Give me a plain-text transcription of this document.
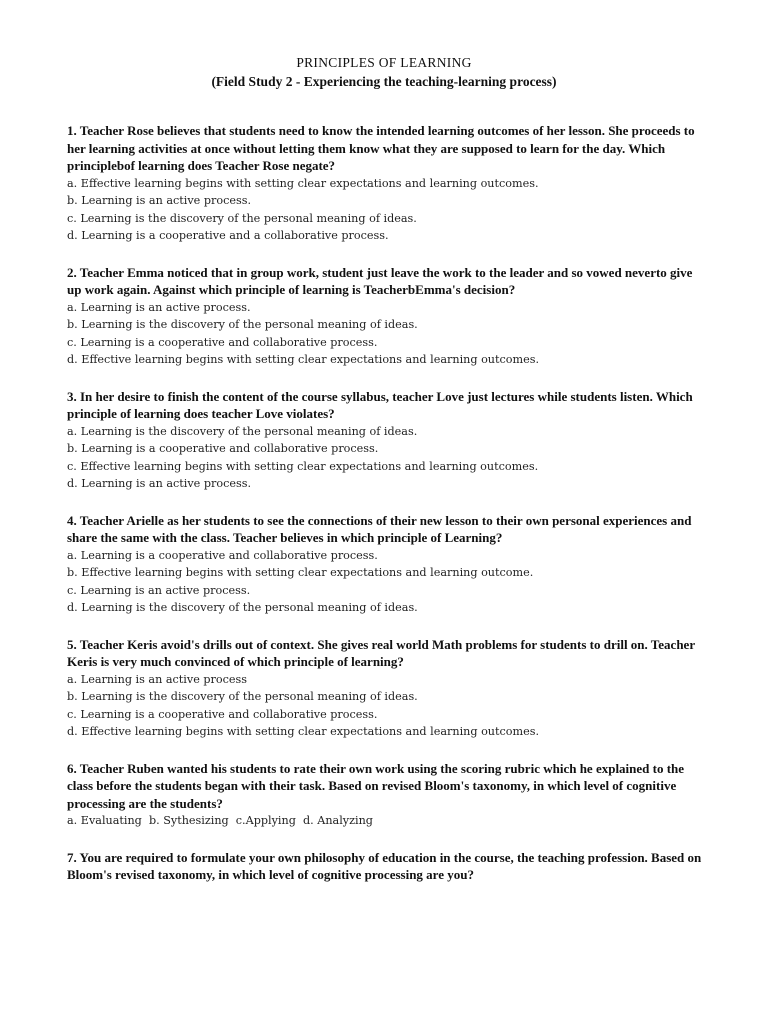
PRINCIPLES OF LEARNING
(Field Study 2 - Experiencing the teaching-learning process)

1. Teacher Rose believes that students need to know the intended learning outcomes of her lesson. She proceeds to her learning activities at once without letting them know what they are supposed to learn for the day. Which principlebof learning does Teacher Rose negate?

a. Effective learning begins with setting clear expectations and learning outcomes.
b. Learning is an active process.
c. Learning is the discovery of the personal meaning of ideas.
d. Learning is a cooperative and a collaborative process.

2. Teacher Emma noticed that in group work, student just leave the work to the leader and so vowed neverto give up work again. Against which principle of learning is TeacherbEmma's decision?

a. Learning is an active process.
b. Learning is the discovery of the personal meaning of ideas.
c. Learning is a cooperative and collaborative process.
d. Effective learning begins with setting clear expectations and learning outcomes.

3. In her desire to finish the content of the course syllabus, teacher Love just lectures while students listen. Which principle of learning does teacher Love violates?

a. Learning is the discovery of the personal meaning of ideas.
b. Learning is a cooperative and collaborative process.
c. Effective learning begins with setting clear expectations and learning outcomes.
d. Learning is an active process.

4. Teacher Arielle as her students to see the connections of their new lesson to their own personal experiences and share the same with the class. Teacher believes in which principle of Learning?

a. Learning is a cooperative and collaborative process.
b. Effective learning begins with setting clear expectations and learning outcome.
c. Learning is an active process.
d. Learning is the discovery of the personal meaning of ideas.

5. Teacher Keris avoid's drills out of context. She gives real world Math problems for students to drill on. Teacher Keris is very much convinced of which principle of learning?

a. Learning is an active process
b. Learning is the discovery of the personal meaning of ideas.
c. Learning is a cooperative and collaborative process.
d. Effective learning begins with setting clear expectations and learning outcomes.

6. Teacher Ruben wanted his students to rate their own work using the scoring rubric which he explained to the class before the students began with their task. Based on revised Bloom's taxonomy, in which level of cognitive processing are the students?

a. Evaluating  b. Sythesizing  c.Applying  d. Analyzing

7. You are required to formulate your own philosophy of education in the course, the teaching profession. Based on Bloom's revised taxonomy, in which level of cognitive processing are you?
